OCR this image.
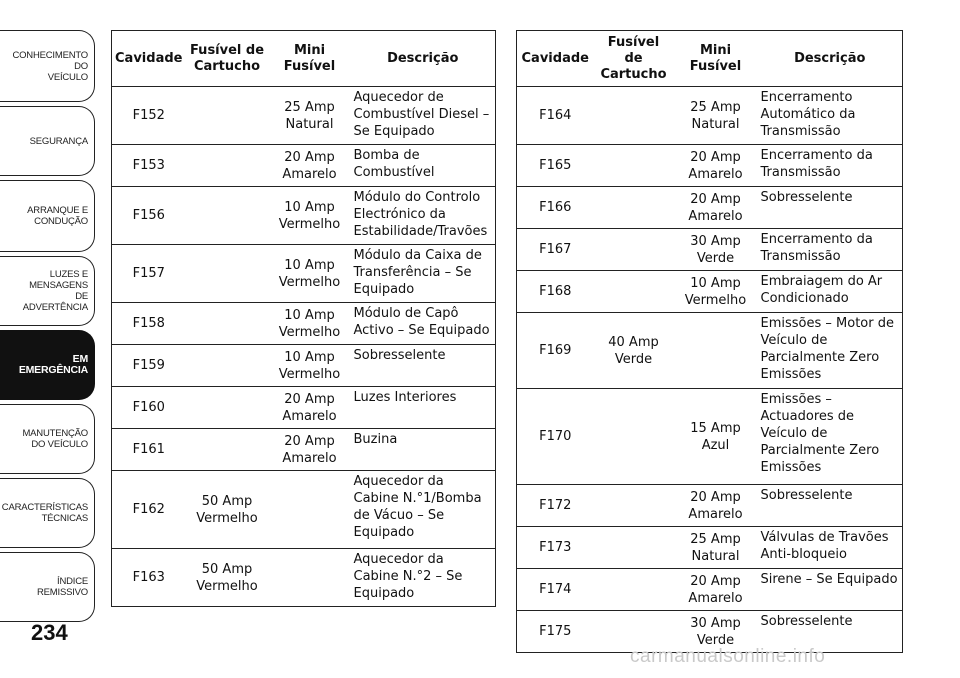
CONHECIMENTO
DO
VEÍCULO
SEGURANÇA
ARRANQUE E
CONDUÇÃO
LUZES E
MENSAGENS
DE
ADVERTÊNCIA
EM
EMERGÊNCIA
MANUTENÇÃO
DO VEÍCULO
CARACTERÍSTICAS
TÉCNICAS
ÍNDICE
REMISSIVO
234
Cavidade	Fusível de Cartucho	Mini Fusível	Descrição
F152		25 Amp Natural	Aquecedor de Combustível Diesel – Se Equipado
F153		20 Amp Amarelo	Bomba de Combustível
F156		10 Amp Vermelho	Módulo do Controlo Electrónico da Estabilidade/Travões
F157		10 Amp Vermelho	Módulo da Caixa de Transferência – Se Equipado
F158		10 Amp Vermelho	Módulo de Capô Activo – Se Equipado
F159		10 Amp Vermelho	Sobresselente
F160		20 Amp Amarelo	Luzes Interiores
F161		20 Amp Amarelo	Buzina
F162	50 Amp Vermelho		Aquecedor da Cabine N.°1/Bomba de Vácuo – Se Equipado
F163	50 Amp Vermelho		Aquecedor da Cabine N.°2 – Se Equipado
Cavidade	Fusível de Cartucho	Mini Fusível	Descrição
F164		25 Amp Natural	Encerramento Automático da Transmissão
F165		20 Amp Amarelo	Encerramento da Transmissão
F166		20 Amp Amarelo	Sobresselente
F167		30 Amp Verde	Encerramento da Transmissão
F168		10 Amp Vermelho	Embraiagem do Ar Condicionado
F169	40 Amp Verde		Emissões – Motor de Veículo de Parcialmente Zero Emissões
F170		15 Amp Azul	Emissões – Actuadores de Veículo de Parcialmente Zero Emissões
F172		20 Amp Amarelo	Sobresselente
F173		25 Amp Natural	Válvulas de Travões Anti-bloqueio
F174		20 Amp Amarelo	Sirene – Se Equipado
F175		30 Amp Verde	Sobresselente
carmanualsonline.info
